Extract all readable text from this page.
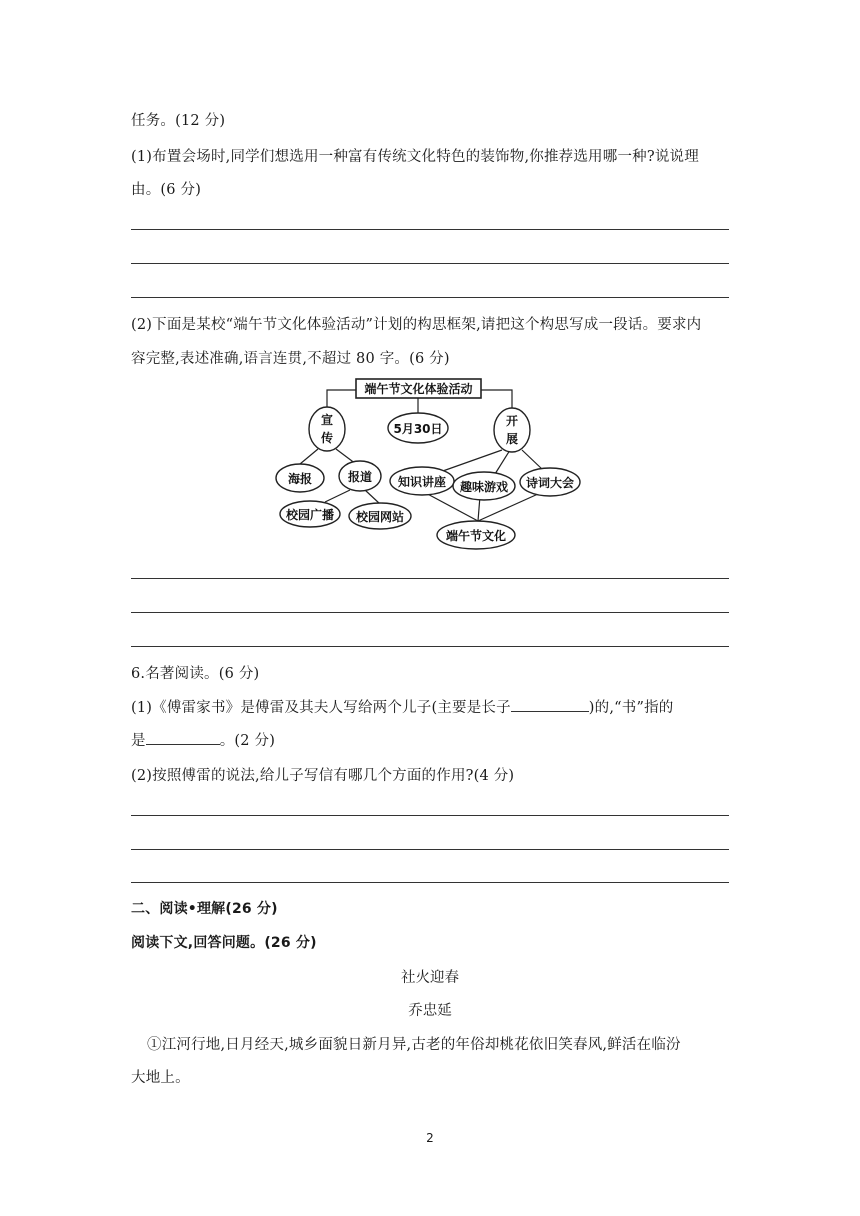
任务。(12 分)
(1)布置会场时,同学们想选用一种富有传统文化特色的装饰物,你推荐选用哪一种?说说理
由。(6 分)
(2)下面是某校“端午节文化体验活动”计划的构思框架,请把这个构思写成一段话。要求内
容完整,表述准确,语言连贯,不超过 80 字。(6 分)
端午节文化体验活动
5月30日
宣
传
开
展
海报	报道
校园广播 校园网站
知识讲座 趣味游戏 诗词大会
端午节文化
6.名著阅读。(6 分)
(1)《傅雷家书》是傅雷及其夫人写给两个儿子(主要是长子	)的,“书”指的
是	。(2 分)
(2)按照傅雷的说法,给儿子写信有哪几个方面的作用?(4 分)
二、阅读•理解(26 分)
阅读下文,回答问题。(26 分)
社火迎春
乔忠延
①江河行地,日月经天,城乡面貌日新月异,古老的年俗却桃花依旧笑春风,鲜活在临汾
大地上。
2
